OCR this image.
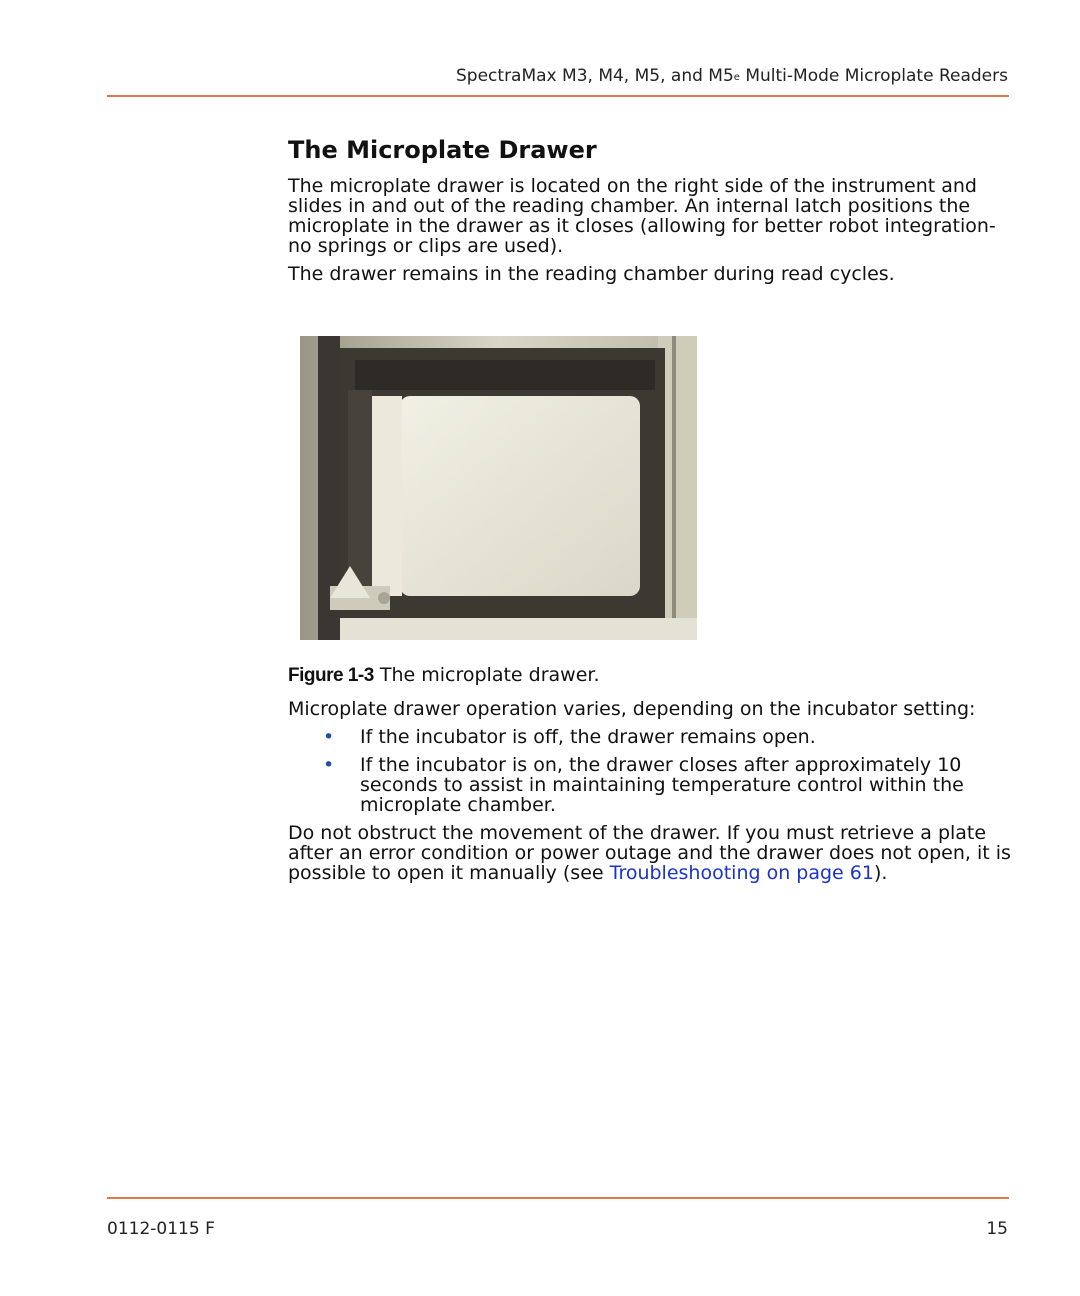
SpectraMax M3, M4, M5, and M5e Multi-Mode Microplate Readers
The Microplate Drawer

The microplate drawer is located on the right side of the instrument and slides in and out of the reading chamber. An internal latch positions the microplate in the drawer as it closes (allowing for better robot integration-no springs or clips are used).

The drawer remains in the reading chamber during read cycles.

Figure 1-3 The microplate drawer.

Microplate drawer operation varies, depending on the incubator setting:

• If the incubator is off, the drawer remains open.
• If the incubator is on, the drawer closes after approximately 10 seconds to assist in maintaining temperature control within the microplate chamber.

Do not obstruct the movement of the drawer. If you must retrieve a plate after an error condition or power outage and the drawer does not open, it is possible to open it manually (see Troubleshooting on page 61).

0112-0115 F	15
